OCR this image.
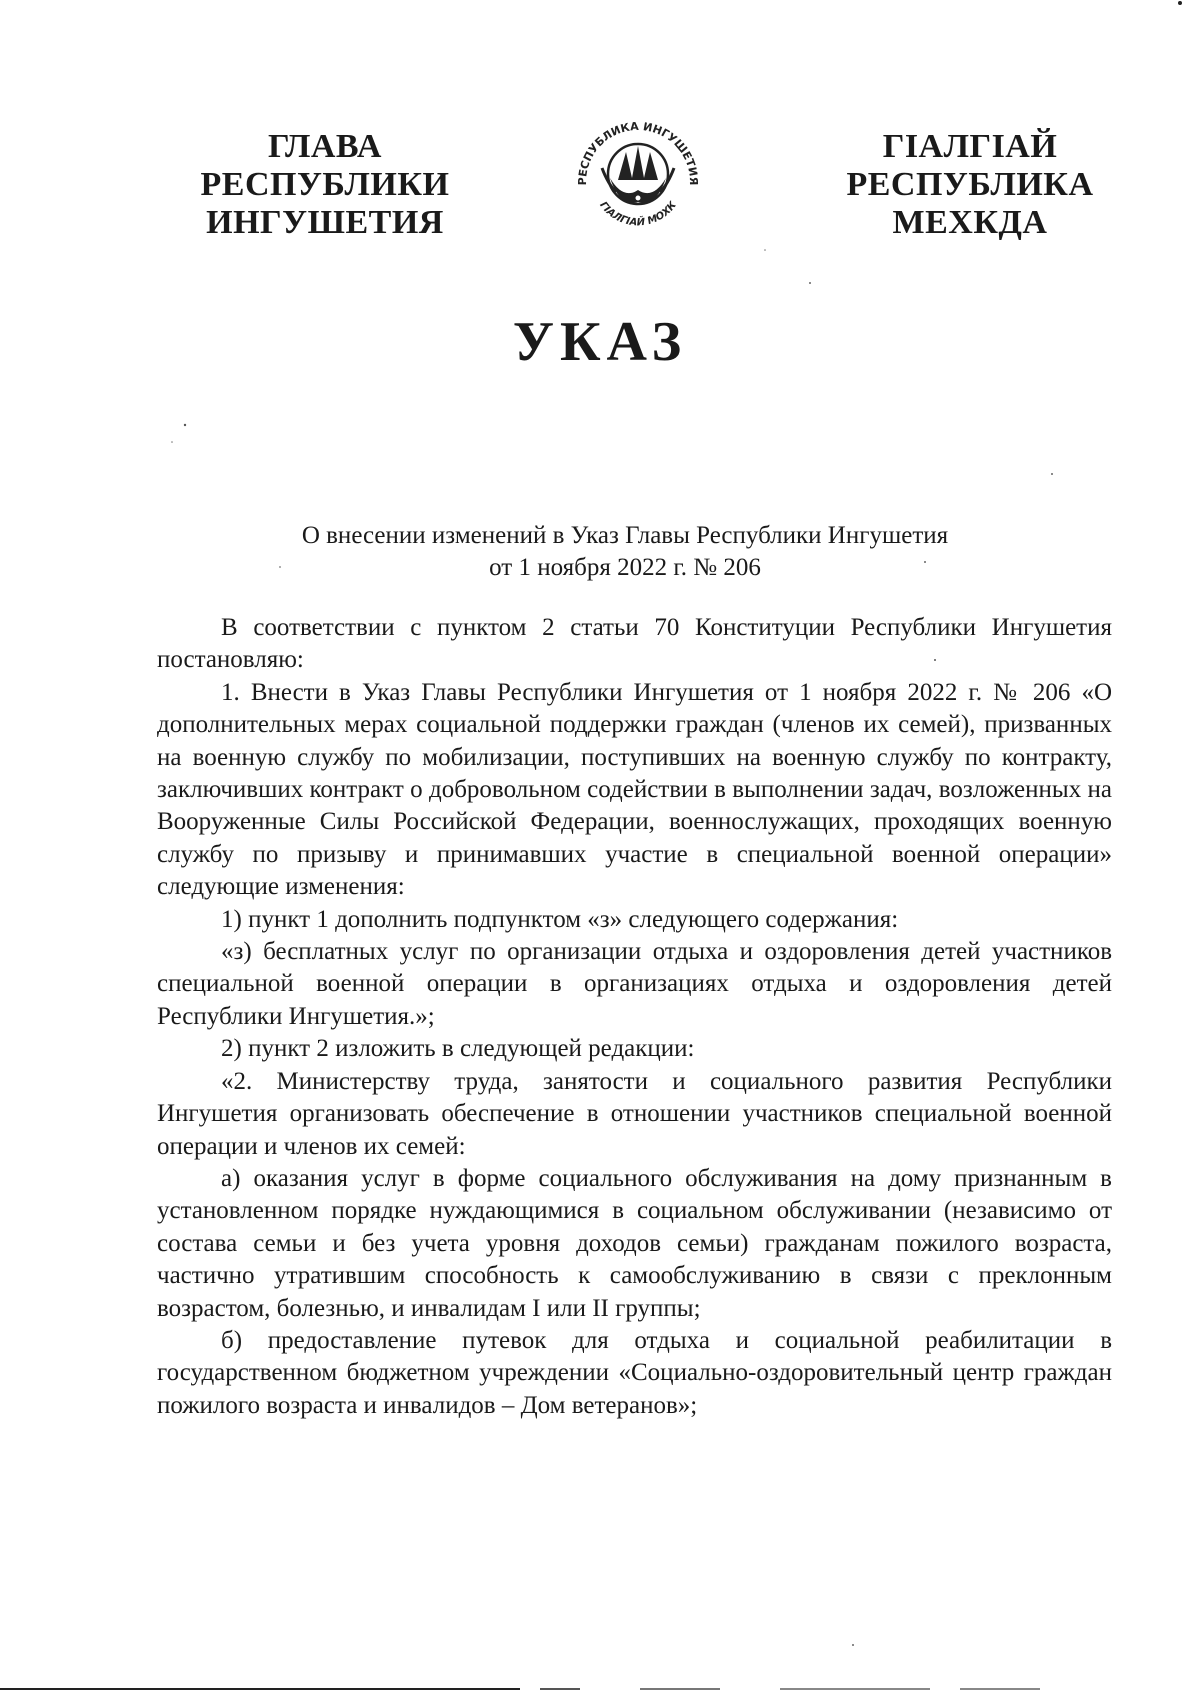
ГЛАВА
РЕСПУБЛИКИ
ИНГУШЕТИЯ
РЕСПУБЛИКА ИНГУШЕТИЯ
ГIАЛГIАЙ МОХК
ГIАЛГIАЙ
РЕСПУБЛИКА
МЕХКДА
УКАЗ
О внесении изменений в Указ Главы Республики Ингушетия
от 1 ноября 2022 г. № 206

В соответствии с пунктом 2 статьи 70 Конституции Республики Ингушетия постановляю:

1. Внести в Указ Главы Республики Ингушетия от 1 ноября 2022 г. № 206 «О дополнительных мерах социальной поддержки граждан (членов их семей), призванных на военную службу по мобилизации, поступивших на военную службу по контракту, заключивших контракт о добровольном содействии в выполнении задач, возложенных на Вооруженные Силы Российской Федерации, военнослужащих, проходящих военную службу по призыву и принимавших участие в специальной военной операции» следующие изменения:

1) пункт 1 дополнить подпунктом «з» следующего содержания:

«з) бесплатных услуг по организации отдыха и оздоровления детей участников специальной военной операции в организациях отдыха и оздоровления детей Республики Ингушетия.»;

2) пункт 2 изложить в следующей редакции:

«2. Министерству труда, занятости и социального развития Республики Ингушетия организовать обеспечение в отношении участников специальной военной операции и членов их семей:

а) оказания услуг в форме социального обслуживания на дому признанным в установленном порядке нуждающимися в социальном обслуживании (независимо от состава семьи и без учета уровня доходов семьи) гражданам пожилого возраста, частично утратившим способность к самообслуживанию в связи с преклонным возрастом, болезнью, и инвалидам I или II группы;

б) предоставление путевок для отдыха и социальной реабилитации в государственном бюджетном учреждении «Социально-оздоровительный центр граждан пожилого возраста и инвалидов – Дом ветеранов»;
